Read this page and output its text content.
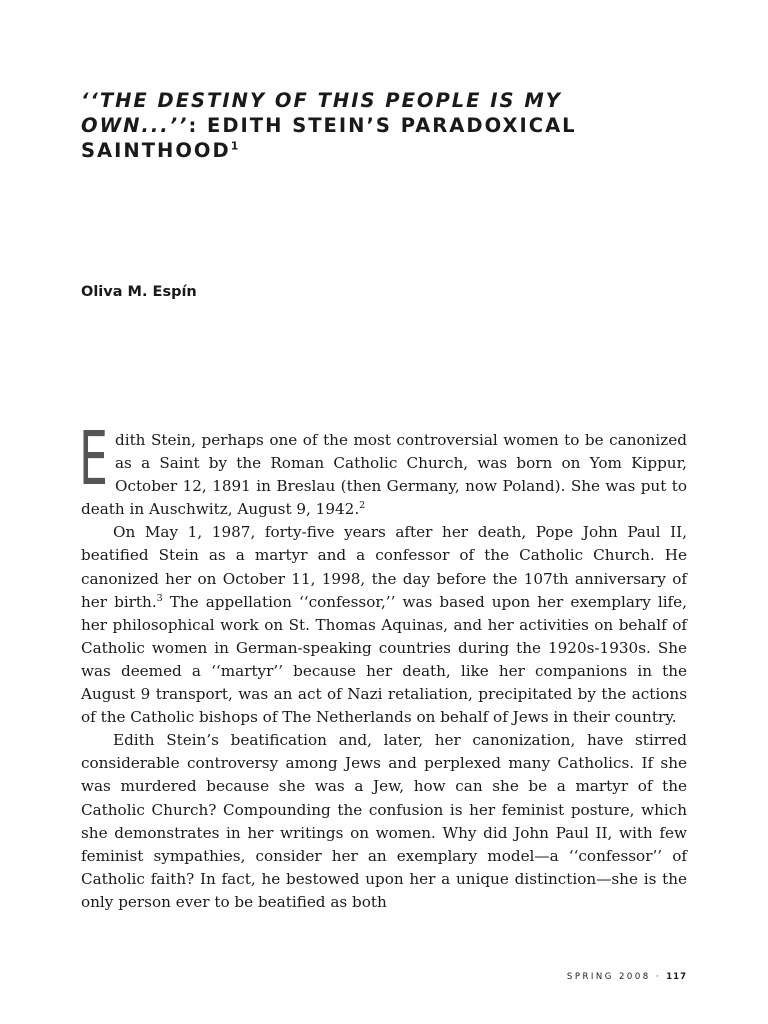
‘‘THE DESTINY OF THIS PEOPLE IS MY OWN...’’: EDITH STEIN’S PARADOXICAL SAINTHOOD$^1$

Oliva M. Espín

Edith Stein, perhaps one of the most controversial women to be canonized as a Saint by the Roman Catholic Church, was born on Yom Kippur, October 12, 1891 in Breslau (then Germany, now Poland). She was put to death in Auschwitz, August 9, 1942.$^2$

On May 1, 1987, forty-five years after her death, Pope John Paul II, beatified Stein as a martyr and a confessor of the Catholic Church. He canonized her on October 11, 1998, the day before the 107th anniversary of her birth.$^3$ The appellation ‘‘confessor,’’ was based upon her exemplary life, her philosophical work on St. Thomas Aquinas, and her activities on behalf of Catholic women in German-speaking countries during the 1920s-1930s. She was deemed a ‘‘martyr’’ because her death, like her companions in the August 9 transport, was an act of Nazi retaliation, precipitated by the actions of the Catholic bishops of The Netherlands on behalf of Jews in their country.

Edith Stein’s beatification and, later, her canonization, have stirred considerable controversy among Jews and perplexed many Catholics. If she was murdered because she was a Jew, how can she be a martyr of the Catholic Church? Compounding the confusion is her feminist posture, which she demonstrates in her writings on women. Why did John Paul II, with few feminist sympathies, consider her an exemplary model—a ‘‘confessor’’ of Catholic faith? In fact, he bestowed upon her a unique distinction—she is the only person ever to be beatified as both

SPRING 2008 · 117
